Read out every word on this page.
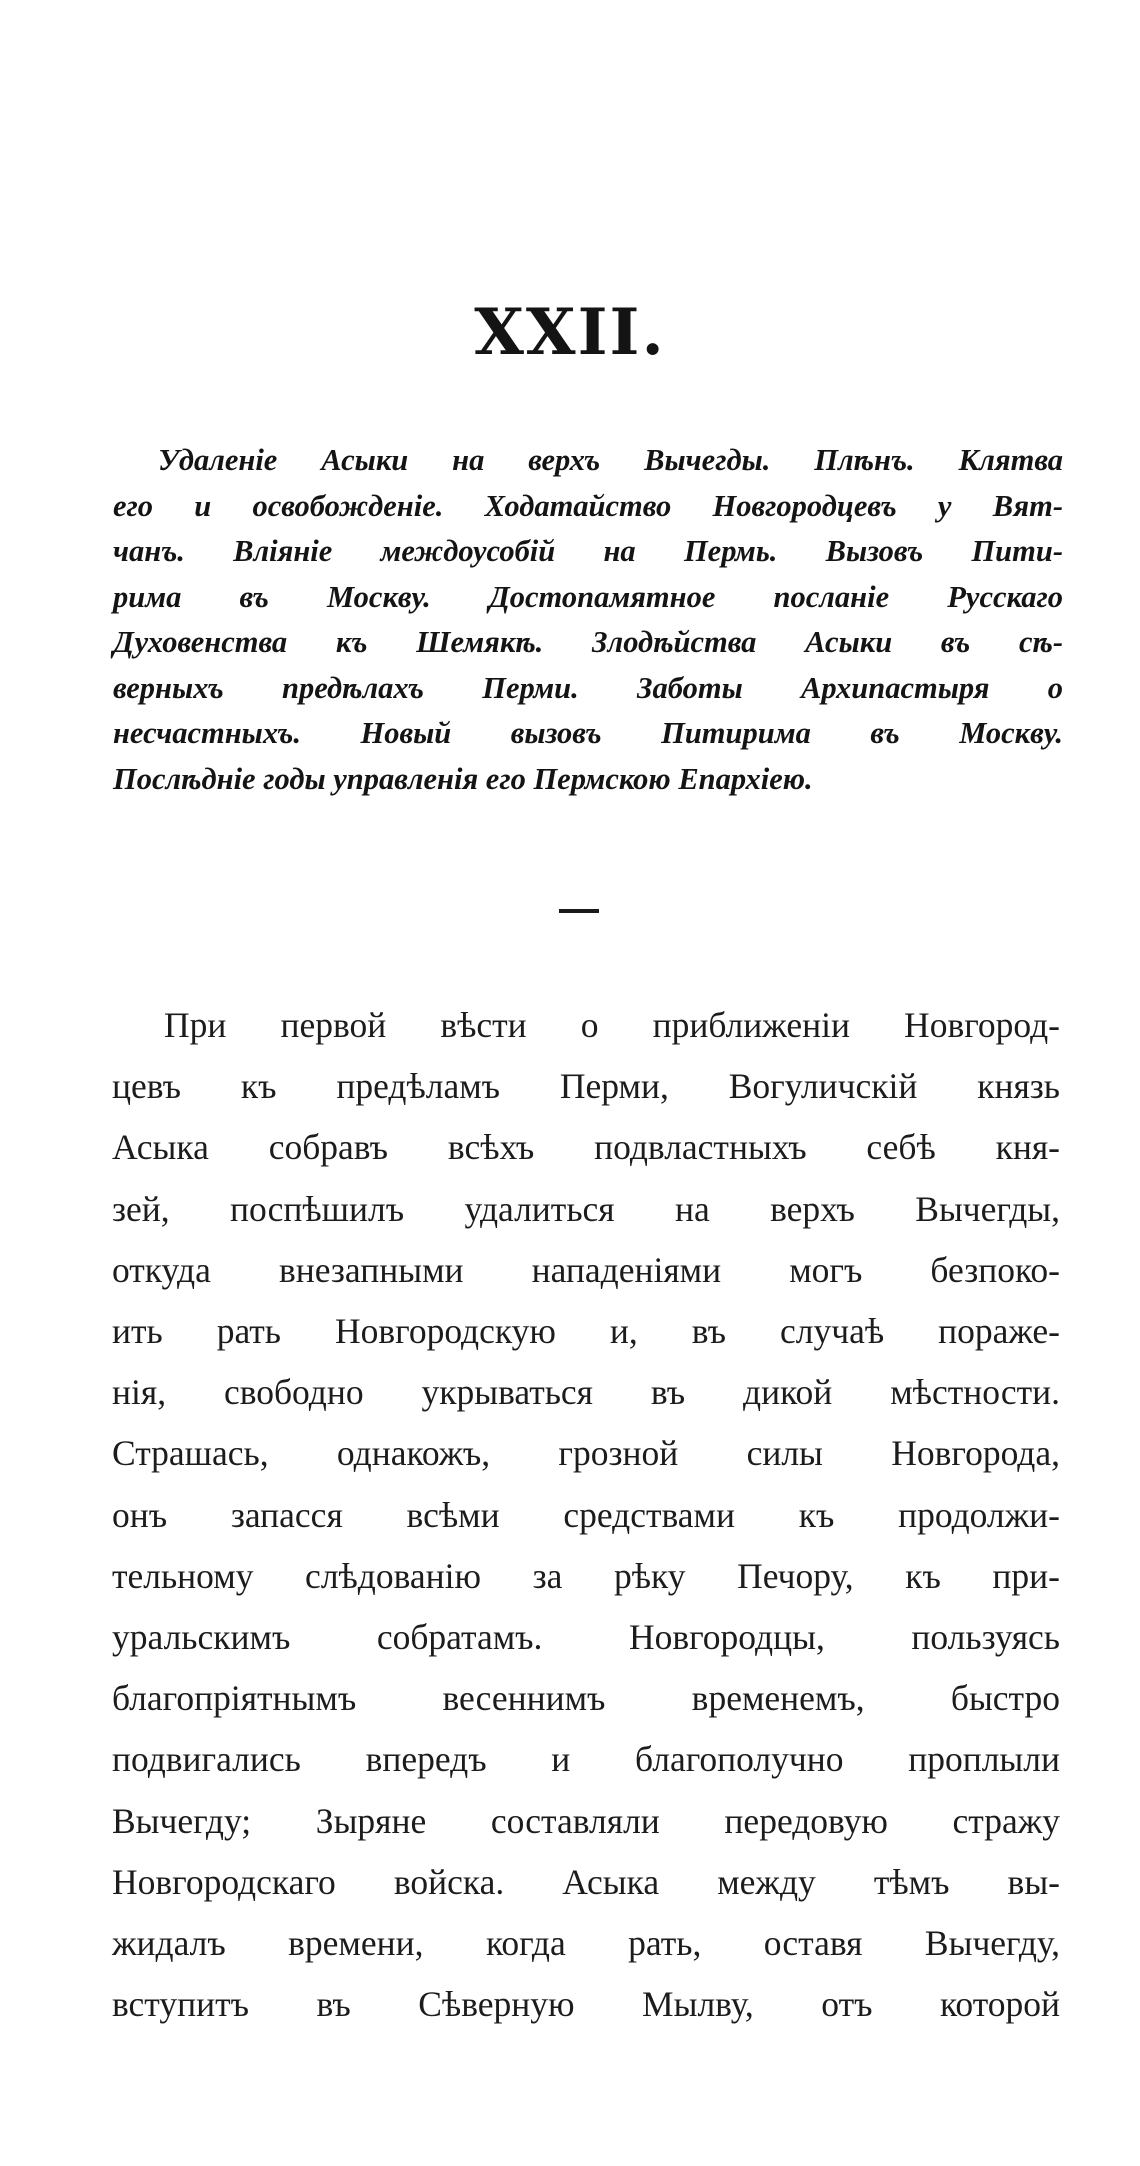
XXII.
Удаленіе Асыки на верхъ Вычегды. Плѣнъ. Клятва
его и освобожденіе. Ходатайство Новгородцевъ у Вят-
чанъ. Вліяніе междоусобій на Пермь. Вызовъ Пити-
рима въ Москву. Достопамятное посланіе Русскаго
Духовенства къ Шемякѣ. Злодѣйства Асыки въ сѣ-
верныхъ предѣлахъ Перми. Заботы Архипастыря о
несчастныхъ. Новый вызовъ Питирима въ Москву.
Послѣдніе годы управленія его Пермскою Епархіею.
При первой вѣсти о приближеніи Новгород-
цевъ къ предѣламъ Перми, Вогуличскій князь
Асыка собравъ всѣхъ подвластныхъ себѣ кня-
зей, поспѣшилъ удалиться на верхъ Вычегды,
откуда внезапными нападеніями могъ безпоко-
ить рать Новгородскую и, въ случаѣ пораже-
нія, свободно укрываться въ дикой мѣстности.
Страшась, однакожъ, грозной силы Новгорода,
онъ запасся всѣми средствами къ продолжи-
тельному слѣдованію за рѣку Печору, къ при-
уральскимъ собратамъ. Новгородцы, пользуясь
благопріятнымъ весеннимъ временемъ, быстро
подвигались впередъ и благополучно проплыли
Вычегду; Зыряне составляли передовую стражу
Новгородскаго войска. Асыка между тѣмъ вы-
жидалъ времени, когда рать, оставя Вычегду,
вступитъ въ Сѣверную Мылву, отъ которой
